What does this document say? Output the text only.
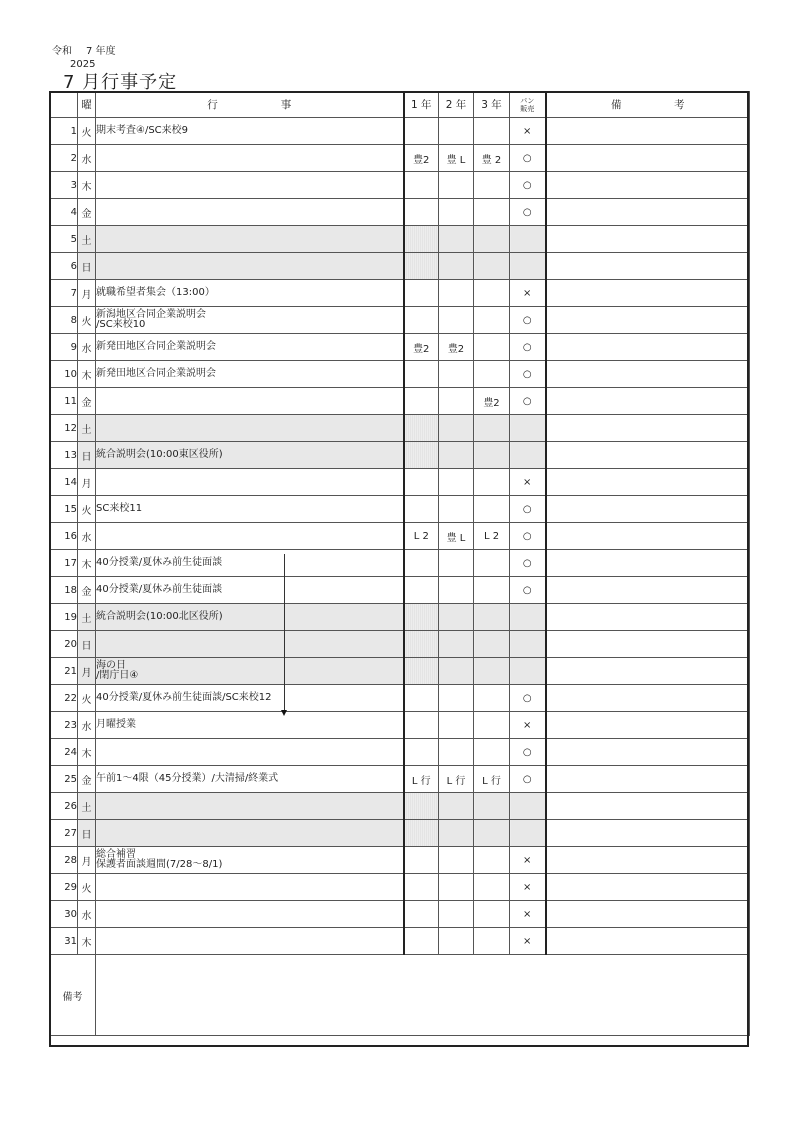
令和 7 年度
2025
7 月行事予定
	曜	行　　　　　　事	1 年	2 年	3 年	パン
販売	備　　　　　考
1	火	期末考査④/SC来校9				×	
2	水		豊2	豊 L	豊 2	○	
3	木					○	
4	金					○	
5	土						
6	日						
7	月	就職希望者集会（13:00）				×	
8	火	新潟地区合同企業説明会
/SC来校10				○	
9	水	新発田地区合同企業説明会	豊2	豊2		○	
10	木	新発田地区合同企業説明会				○	
11	金				豊2	○	
12	土						
13	日	統合説明会(10:00東区役所)					
14	月					×	
15	火	SC来校11				○	
16	水		L 2	豊 L	L 2	○	
17	木	40分授業/夏休み前生徒面談				○	
18	金	40分授業/夏休み前生徒面談				○	
19	土	統合説明会(10:00北区役所)					
20	日						
21	月	海の日
/閉庁日④					

22	火	40分授業/夏休み前生徒面談/SC来校12				○	
23	水	月曜授業				×	
24	木					○	
25	金	午前1〜4限（45分授業）/大清掃/終業式	L 行	L 行	L 行	○	
26	土						
27	日						
28	月	総合補習
保護者面談週間(7/28〜8/1)				×	
29	火					×	
30	水					×	
31	木					×	
備考							
